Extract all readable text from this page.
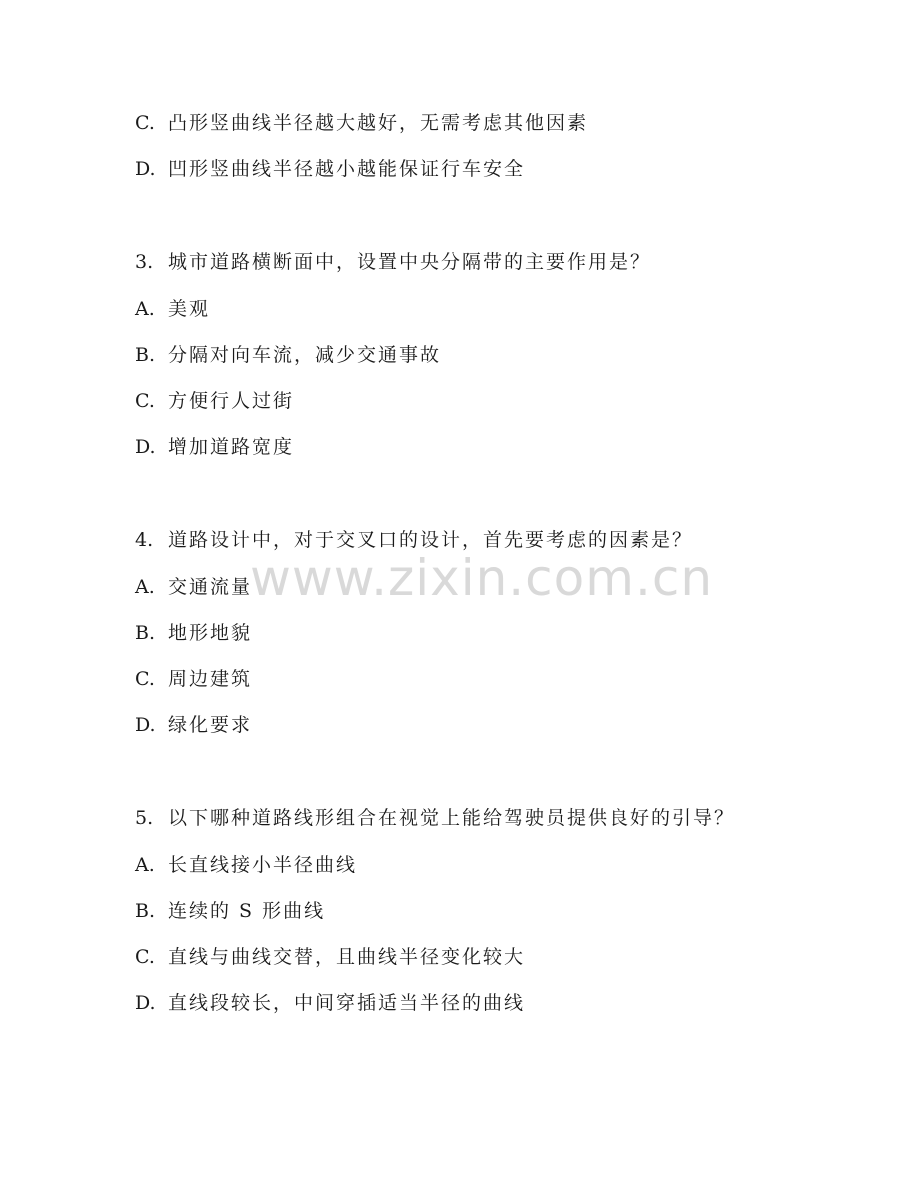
www.zixin.com.cn
C. 凸形竖曲线半径越大越好，无需考虑其他因素
D. 凹形竖曲线半径越小越能保证行车安全
3. 城市道路横断面中，设置中央分隔带的主要作用是？
A. 美观
B. 分隔对向车流，减少交通事故
C. 方便行人过街
D. 增加道路宽度
4. 道路设计中，对于交叉口的设计，首先要考虑的因素是？
A. 交通流量
B. 地形地貌
C. 周边建筑
D. 绿化要求
5. 以下哪种道路线形组合在视觉上能给驾驶员提供良好的引导？
A. 长直线接小半径曲线
B. 连续的 S 形曲线
C. 直线与曲线交替，且曲线半径变化较大
D. 直线段较长，中间穿插适当半径的曲线
